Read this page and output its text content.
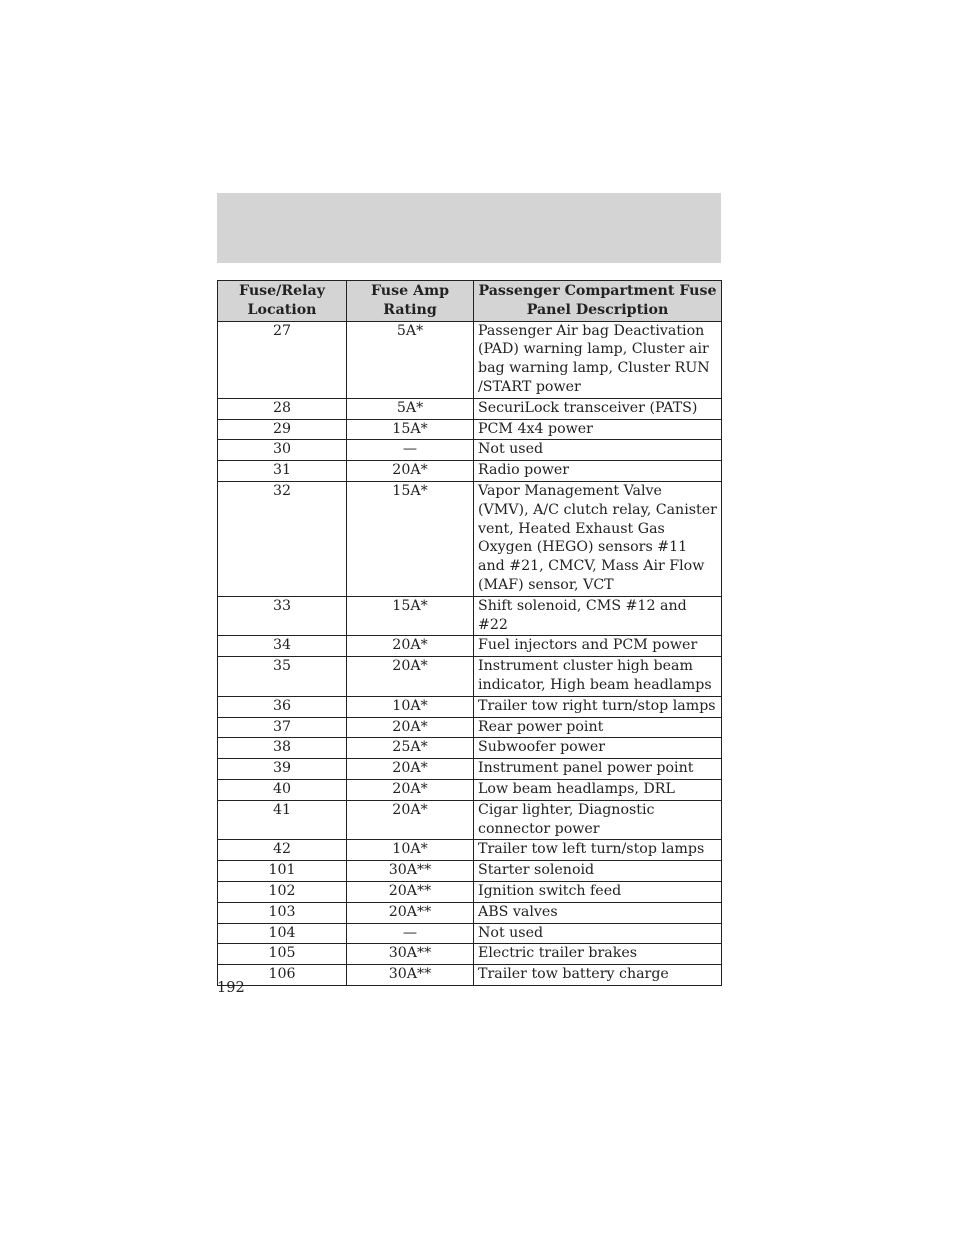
Fuse/Relay Location	Fuse Amp Rating	Passenger Compartment Fuse Panel Description
27	5A*	Passenger Air bag Deactivation (PAD) warning lamp, Cluster air bag warning lamp, Cluster RUN /START power
28	5A*	SecuriLock transceiver (PATS)
29	15A*	PCM 4x4 power
30	—	Not used
31	20A*	Radio power
32	15A*	Vapor Management Valve (VMV), A/C clutch relay, Canister vent, Heated Exhaust Gas Oxygen (HEGO) sensors #11 and #21, CMCV, Mass Air Flow (MAF) sensor, VCT
33	15A*	Shift solenoid, CMS #12 and #22
34	20A*	Fuel injectors and PCM power
35	20A*	Instrument cluster high beam indicator, High beam headlamps
36	10A*	Trailer tow right turn/stop lamps
37	20A*	Rear power point
38	25A*	Subwoofer power
39	20A*	Instrument panel power point
40	20A*	Low beam headlamps, DRL
41	20A*	Cigar lighter, Diagnostic connector power
42	10A*	Trailer tow left turn/stop lamps
101	30A**	Starter solenoid
102	20A**	Ignition switch feed
103	20A**	ABS valves
104	—	Not used
105	30A**	Electric trailer brakes
106	30A**	Trailer tow battery charge
192
